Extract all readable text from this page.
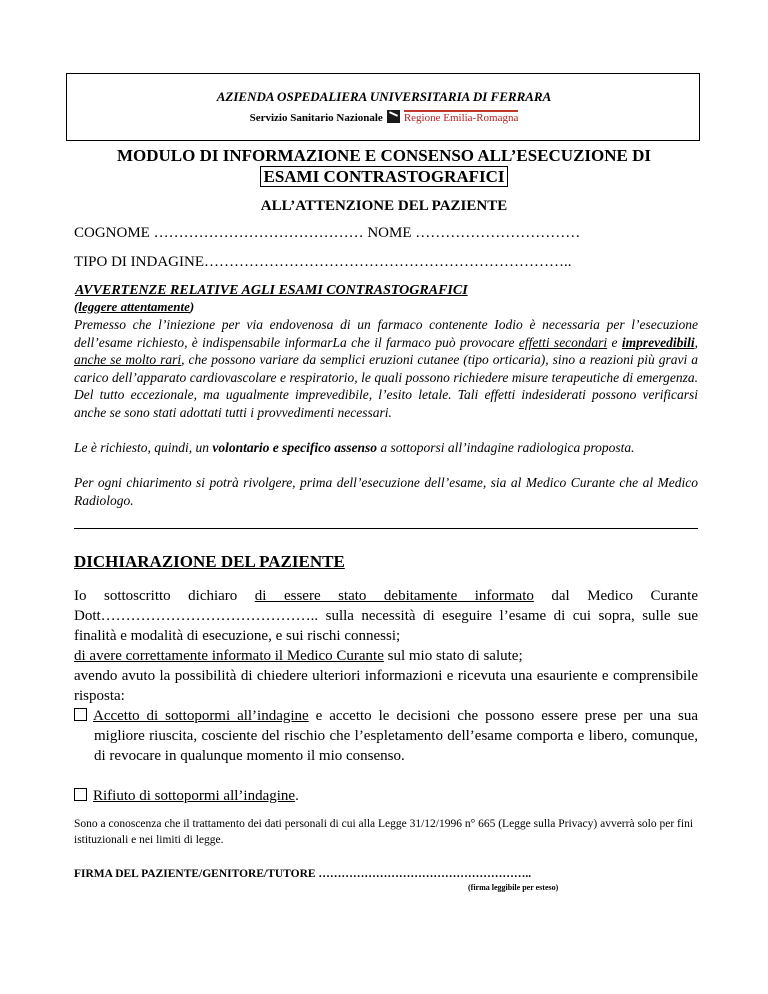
AZIENDA OSPEDALIERA UNIVERSITARIA DI FERRARA
Servizio Sanitario Nazionale Regione Emilia-Romagna
MODULO DI INFORMAZIONE E CONSENSO ALL’ESECUZIONE DI
ESAMI CONTRASTOGRAFICI
ALL’ATTENZIONE DEL PAZIENTE
COGNOME …………………………………… NOME ……………………………
TIPO DI INDAGINE………………………………………………………………..
AVVERTENZE RELATIVE AGLI ESAMI CONTRASTOGRAFICI
(leggere attentamente)
Premesso che l’iniezione per via endovenosa di un farmaco contenente Iodio è necessaria per l’esecuzione dell’esame richiesto, è indispensabile informarLa che il farmaco può provocare effetti secondari e imprevedibili, anche se molto rari, che possono variare da semplici eruzioni cutanee (tipo orticaria), sino a reazioni più gravi a carico dell’apparato cardiovascolare e respiratorio, le quali possono richiedere misure terapeutiche di emergenza. Del tutto eccezionale, ma ugualmente imprevedibile, l’esito letale. Tali effetti indesiderati possono verificarsi anche se sono stati adottati tutti i provvedimenti necessari.
Le è richiesto, quindi, un volontario e specifico assenso a sottoporsi all’indagine radiologica proposta.
Per ogni chiarimento si potrà rivolgere, prima dell’esecuzione dell’esame, sia al Medico Curante che al Medico Radiologo.
DICHIARAZIONE DEL PAZIENTE
Io sottoscritto dichiaro di essere stato debitamente informato dal Medico Curante Dott…………………………………….. sulla necessità di eseguire l’esame di cui sopra, sulle sue finalità e modalità di esecuzione, e sui rischi connessi;
di avere correttamente informato il Medico Curante sul mio stato di salute;
avendo avuto la possibilità di chiedere ulteriori informazioni e ricevuta una esauriente e comprensibile risposta:
Accetto di sottopormi all’indagine e accetto le decisioni che possono essere prese per una sua migliore riuscita, cosciente del rischio che l’espletamento dell’esame comporta e libero, comunque, di revocare in qualunque momento il mio consenso.
Rifiuto di sottopormi all’indagine.
Sono a conoscenza che il trattamento dei dati personali di cui alla Legge 31/12/1996 n° 665 (Legge sulla Privacy) avverrà solo per fini istituzionali e nei limiti di legge.
FIRMA DEL PAZIENTE/GENITORE/TUTORE ………………………………………………..
(firma leggibile per esteso)
